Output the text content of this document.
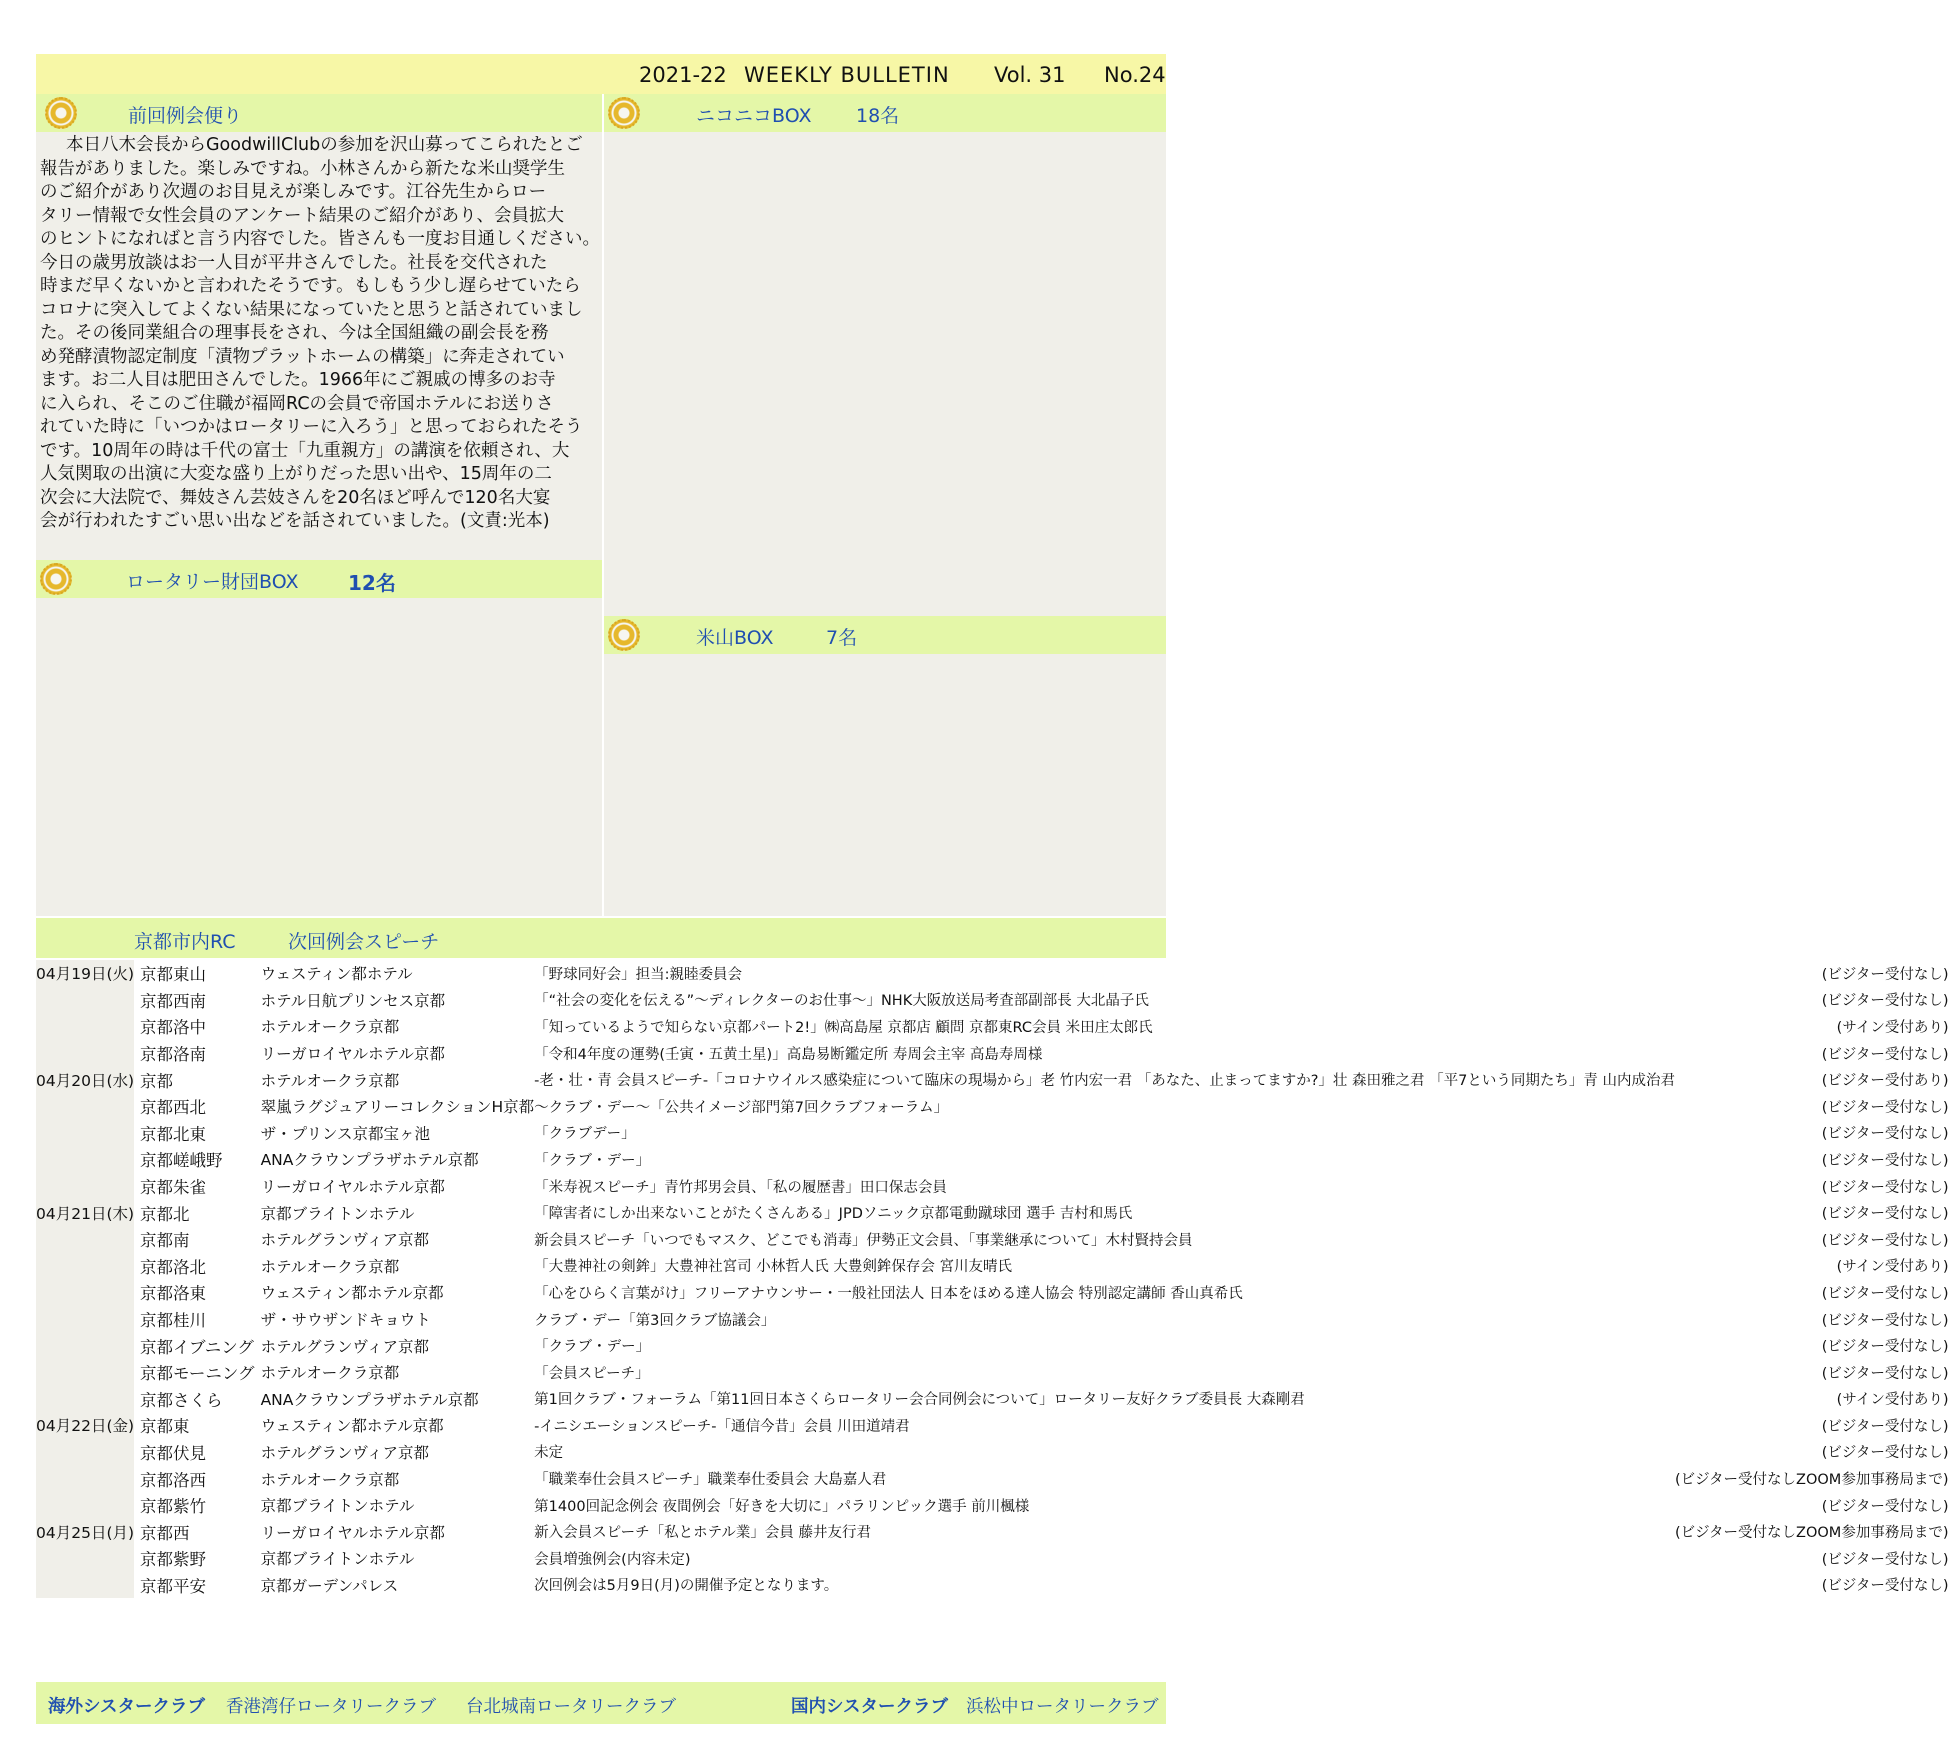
2021-22 WEEKLY BULLETIN Vol. 31 No.24
前回例会便り
本日八木会長からGoodwillClubの参加を沢山募ってこられたとご
報告がありました。楽しみですね。小林さんから新たな米山奨学生
のご紹介があり次週のお目見えが楽しみです。江谷先生からロー
タリー情報で女性会員のアンケート結果のご紹介があり、会員拡大
のヒントになればと言う内容でした。皆さんも一度お目通しください。
今日の歳男放談はお一人目が平井さんでした。社長を交代された
時まだ早くないかと言われたそうです。もしもう少し遅らせていたら
コロナに突入してよくない結果になっていたと思うと話されていまし
た。その後同業組合の理事長をされ、今は全国組織の副会長を務
め発酵漬物認定制度「漬物プラットホームの構築」に奔走されてい
ます。お二人目は肥田さんでした。1966年にご親戚の博多のお寺
に入られ、そこのご住職が福岡RCの会員で帝国ホテルにお送りさ
れていた時に「いつかはロータリーに入ろう」と思っておられたそう
です。10周年の時は千代の富士「九重親方」の講演を依頼され、大
人気関取の出演に大変な盛り上がりだった思い出や、15周年の二
次会に大法院で、舞妓さん芸妓さんを20名ほど呼んで120名大宴
会が行われたすごい思い出などを話されていました。(文責:光本)
ロータリー財団BOX 12名
ニコニコBOX 18名
米山BOX	7名
京都市内RC	次回例会スピーチ
04月19日(火)	京都東山	ウェスティン都ホテル	「野球同好会」担当:親睦委員会	(ビジター受付なし)
	京都西南	ホテル日航プリンセス京都	「“社会の変化を伝える”～ディレクターのお仕事～」NHK大阪放送局考査部副部長 大北晶子氏	(ビジター受付なし)
	京都洛中	ホテルオークラ京都	「知っているようで知らない京都パート2!」㈱高島屋 京都店 顧問 京都東RC会員 米田庄太郎氏	(サイン受付あり)
	京都洛南	リーガロイヤルホテル京都	「令和4年度の運勢(壬寅・五黄土星)」高島易断鑑定所 寿周会主宰 高島寿周様	(ビジター受付なし)
04月20日(水)	京都	ホテルオークラ京都	-老・壮・青 会員スピーチ-「コロナウイルス感染症について臨床の現場から」老 竹内宏一君 「あなた、止まってますか?」壮 森田雅之君 「平7という同期たち」青 山内成治君	(ビジター受付あり)
	京都西北	翠嵐ラグジュアリーコレクションH京都	～クラブ・デー～「公共イメージ部門第7回クラブフォーラム」	(ビジター受付なし)
	京都北東	ザ・プリンス京都宝ヶ池	「クラブデー」	(ビジター受付なし)
	京都嵯峨野	ANAクラウンプラザホテル京都	「クラブ・デー」	(ビジター受付なし)
	京都朱雀	リーガロイヤルホテル京都	「米寿祝スピーチ」青竹邦男会員、「私の履歴書」田口保志会員	(ビジター受付なし)
04月21日(木)	京都北	京都ブライトンホテル	「障害者にしか出来ないことがたくさんある」JPDソニック京都電動蹴球団 選手 吉村和馬氏	(ビジター受付なし)
	京都南	ホテルグランヴィア京都	新会員スピーチ「いつでもマスク、どこでも消毒」伊勢正文会員、「事業継承について」木村賢持会員	(ビジター受付なし)
	京都洛北	ホテルオークラ京都	「大豊神社の剣鉾」大豊神社宮司 小林哲人氏 大豊剣鉾保存会 宮川友晴氏	(サイン受付あり)
	京都洛東	ウェスティン都ホテル京都	「心をひらく言葉がけ」フリーアナウンサー・一般社団法人 日本をほめる達人協会 特別認定講師 香山真希氏	(ビジター受付なし)
	京都桂川	ザ・サウザンドキョウト	クラブ・デー「第3回クラブ協議会」	(ビジター受付なし)
	京都イブニング	ホテルグランヴィア京都	「クラブ・デー」	(ビジター受付なし)
	京都モーニング	ホテルオークラ京都	「会員スピーチ」	(ビジター受付なし)
	京都さくら	ANAクラウンプラザホテル京都	第1回クラブ・フォーラム「第11回日本さくらロータリー会合同例会について」ロータリー友好クラブ委員長 大森剛君	(サイン受付あり)
04月22日(金)	京都東	ウェスティン都ホテル京都	-イニシエーションスピーチ-「通信今昔」会員 川田道靖君	(ビジター受付なし)
	京都伏見	ホテルグランヴィア京都	未定	(ビジター受付なし)
	京都洛西	ホテルオークラ京都	「職業奉仕会員スピーチ」職業奉仕委員会 大島嘉人君	(ビジター受付なしZOOM参加事務局まで)
	京都紫竹	京都ブライトンホテル	第1400回記念例会 夜間例会「好きを大切に」パラリンピック選手 前川楓様	(ビジター受付なし)
04月25日(月)	京都西	リーガロイヤルホテル京都	新入会員スピーチ「私とホテル業」会員 藤井友行君	(ビジター受付なしZOOM参加事務局まで)
	京都紫野	京都ブライトンホテル	会員増強例会(内容未定)	(ビジター受付なし)
	京都平安	京都ガーデンパレス	次回例会は5月9日(月)の開催予定となります。	(ビジター受付なし)
海外シスタークラブ 香港湾仔ロータリークラブ 台北城南ロータリークラブ	国内シスタークラブ 浜松中ロータリークラブ
